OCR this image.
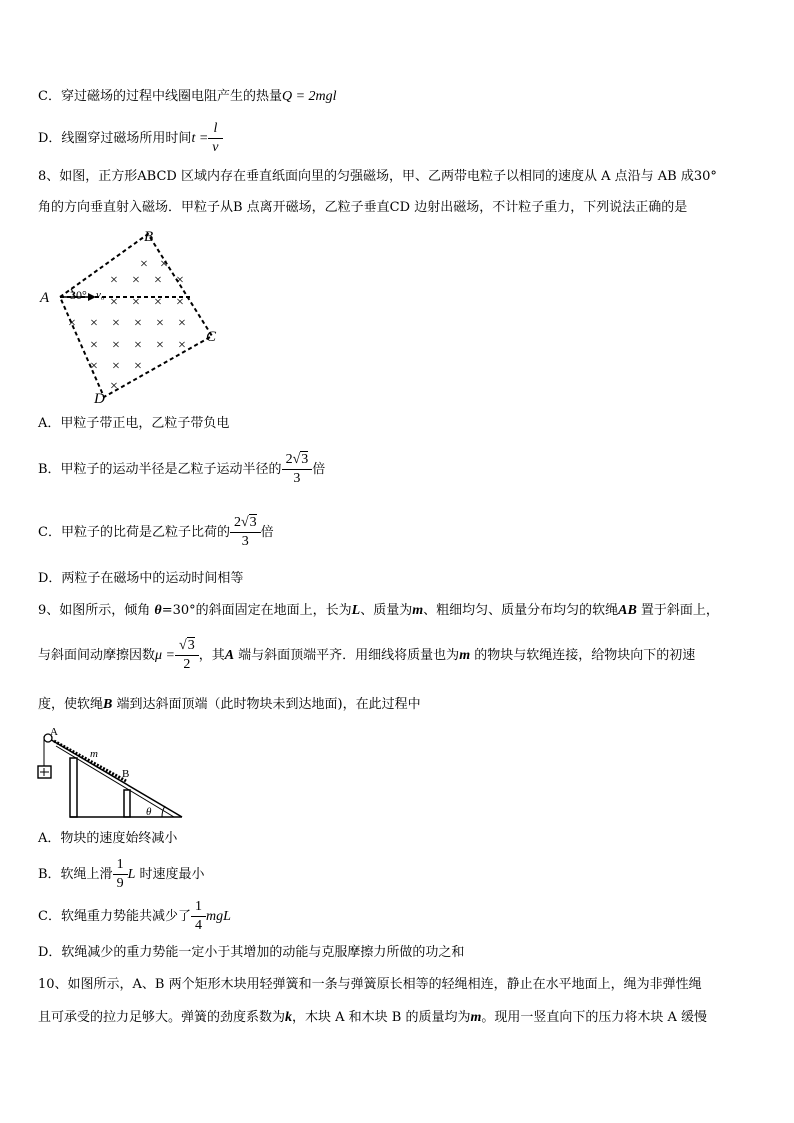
C．穿过磁场的过程中线圈电阻产生的热量Q = 2mgl
D．线圈穿过磁场所用时间$t = \frac{l}{v}$
8、如图，正方形ABCD 区域内存在垂直纸面向里的匀强磁场，甲、乙两带电粒子以相同的速度从 A 点沿与 AB 成30°
角的方向垂直射入磁场．甲粒子从B 点离开磁场，乙粒子垂直CD 边射出磁场，不计粒子重力，下列说法正确的是
A
B
C
D
30° v₀
× ×
× × × ×
× × × ×
× × × × × ×
× × × × ×
× × ×
×
A．甲粒子带正电，乙粒子带负电
B．甲粒子的运动半径是乙粒子运动半径的 $\frac{2√3}{3}$ 倍
C．甲粒子的比荷是乙粒子比荷的 $\frac{2√3}{3}$ 倍
D．两粒子在磁场中的运动时间相等
9、如图所示，倾角 θ=30°的斜面固定在地面上，长为L、质量为m、粗细均匀、质量分布均匀的软绳AB 置于斜面上，
与斜面间动摩擦因数$\mu = \frac{√3}{2}$ ，其A 端与斜面顶端平齐．用细线将质量也为m 的物块与软绳连接，给物块向下的初速
度，使软绳B 端到达斜面顶端（此时物块未到达地面)，在此过程中
A
m
B
θ
A．物块的速度始终减小
B．软绳上滑 $\frac{1}{9}$ L 时速度最小
C．软绳重力势能共减少了 $\frac{1}{4}$ mgL
D．软绳减少的重力势能一定小于其增加的动能与克服摩擦力所做的功之和
10、如图所示，A、B 两个矩形木块用轻弹簧和一条与弹簧原长相等的轻绳相连，静止在水平地面上，绳为非弹性绳
且可承受的拉力足够大。弹簧的劲度系数为k，木块 A 和木块 B 的质量均为m。现用一竖直向下的压力将木块 A 缓慢
